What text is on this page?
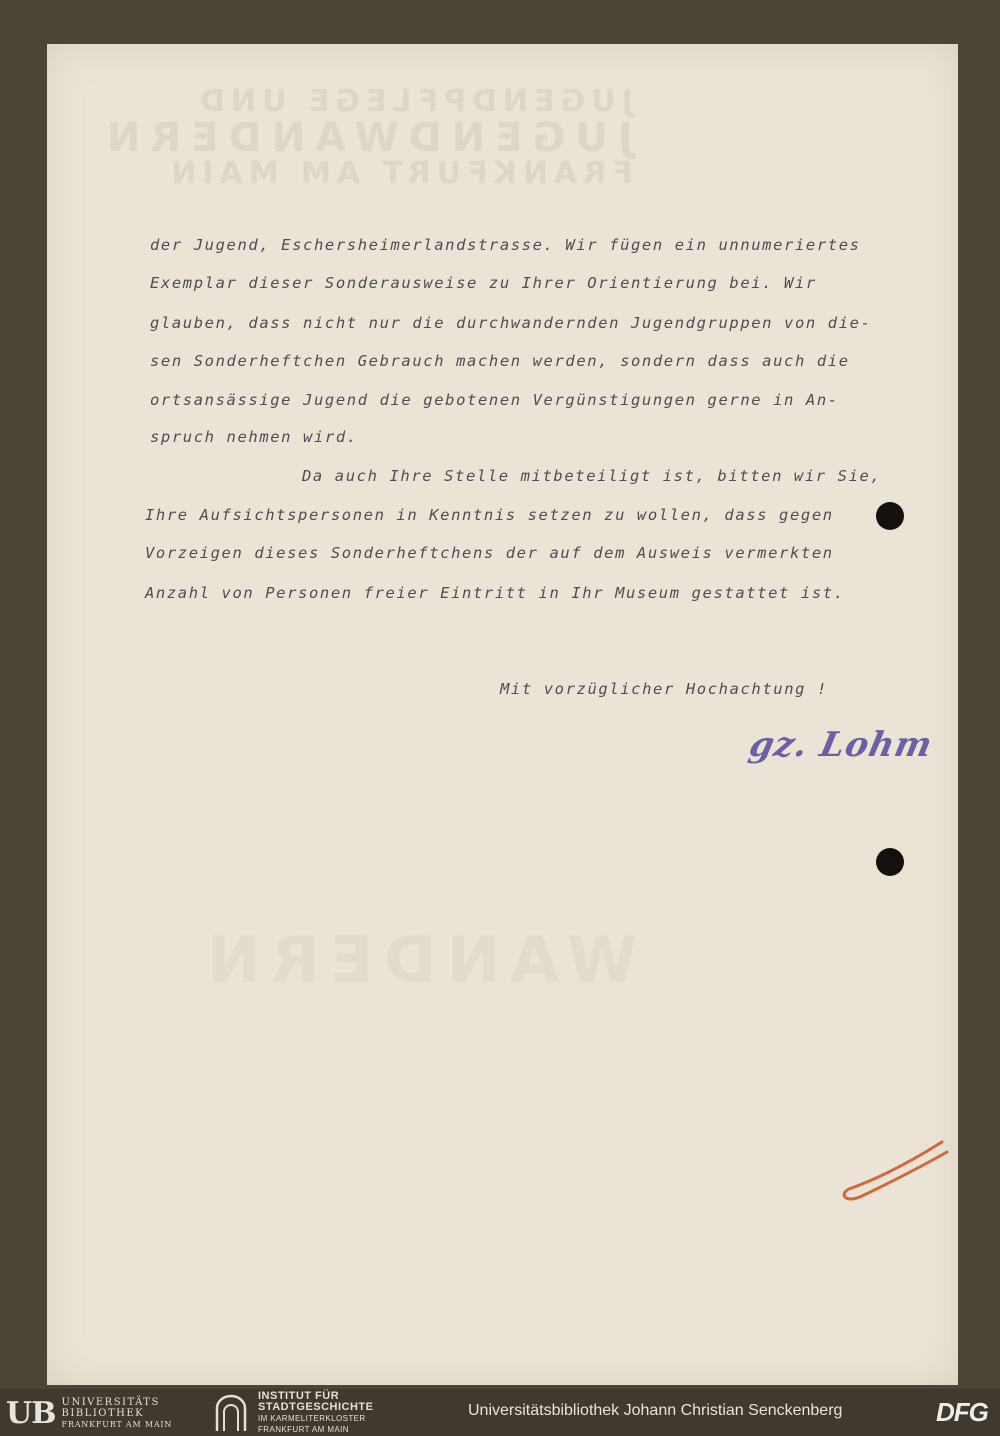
JUGENDPFLEGE UND
JUGENDWANDERN
FRANKFURT AM MAIN
WANDERN
der Jugend, Eschersheimerlandstrasse. Wir fügen ein unnumeriertes
Exemplar dieser Sonderausweise zu Ihrer Orientierung bei. Wir
glauben, dass nicht nur die durchwandernden Jugendgruppen von die-
sen Sonderheftchen Gebrauch machen werden, sondern dass auch die
ortsansässige Jugend die gebotenen Vergünstigungen gerne in An-
spruch nehmen wird.
Da auch Ihre Stelle mitbeteiligt ist, bitten wir Sie,
Ihre Aufsichtspersonen in Kenntnis setzen zu wollen, dass gegen
Vorzeigen dieses Sonderheftchens der auf dem Ausweis vermerkten
Anzahl von Personen freier Eintritt in Ihr Museum gestattet ist.
Mit vorzüglicher Hochachtung !
gz. Lohm
UB UNIVERSITÄTS
BIBLIOTHEK
FRANKFURT AM MAIN
INSTITUT FÜR
STADTGESCHICHTE
IM KARMELITERKLOSTER
FRANKFURT AM MAIN
Universitätsbibliothek Johann Christian Senckenberg	DFG
